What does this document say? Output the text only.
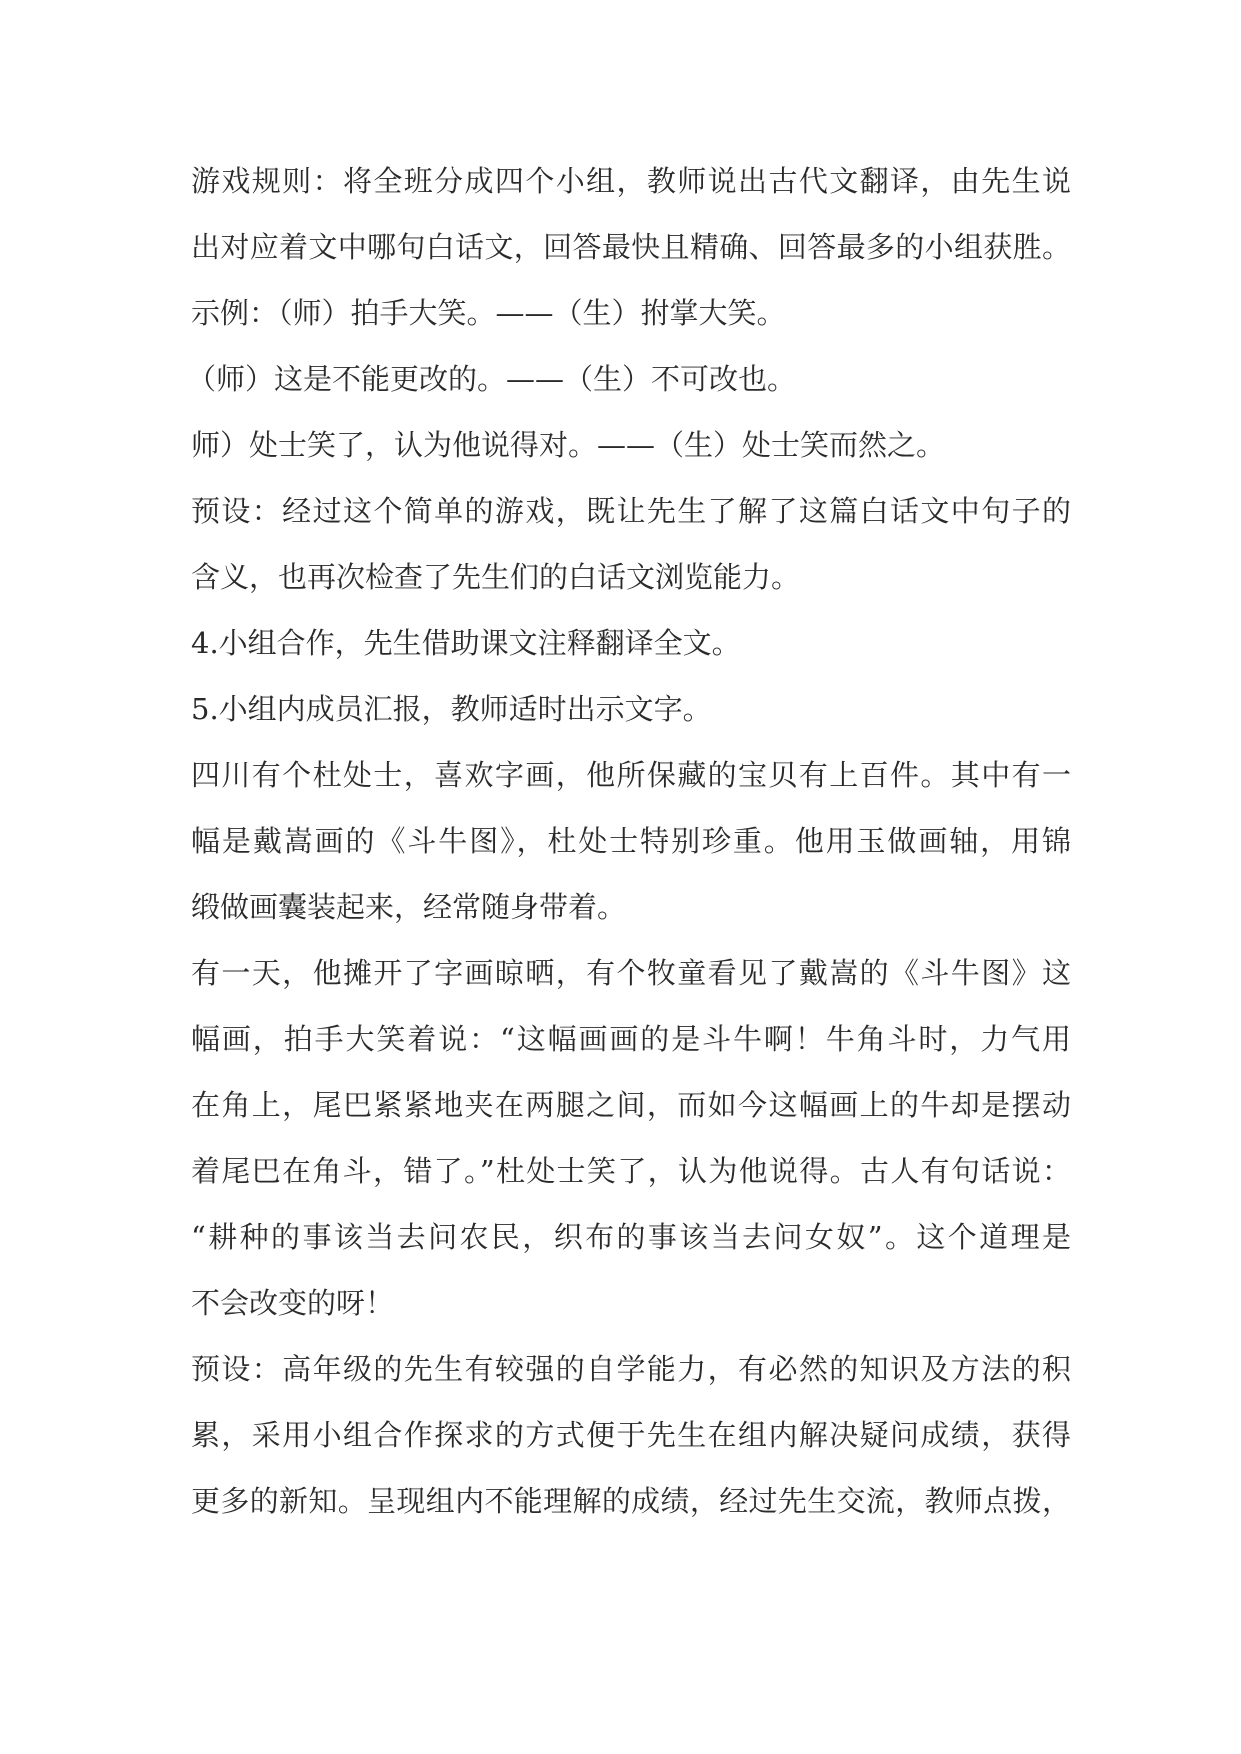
游戏规则：将全班分成四个小组，教师说出古代文翻译，由先生说

出对应着文中哪句白话文，回答最快且精确、回答最多的小组获胜。

示例：（师）拍手大笑。——（生）拊掌大笑。

（师）这是不能更改的。——（生）不可改也。

师）处士笑了，认为他说得对。——（生）处士笑而然之。

预设：经过这个简单的游戏，既让先生了解了这篇白话文中句子的

含义，也再次检查了先生们的白话文浏览能力。

4.小组合作，先生借助课文注释翻译全文。

5.小组内成员汇报，教师适时出示文字。

四川有个杜处士，喜欢字画，他所保藏的宝贝有上百件。其中有一

幅是戴嵩画的《斗牛图》，杜处士特别珍重。他用玉做画轴，用锦

缎做画囊装起来，经常随身带着。

有一天，他摊开了字画晾晒，有个牧童看见了戴嵩的《斗牛图》这

幅画，拍手大笑着说：“这幅画画的是斗牛啊！牛角斗时，力气用

在角上，尾巴紧紧地夹在两腿之间，而如今这幅画上的牛却是摆动

着尾巴在角斗，错了。”杜处士笑了，认为他说得。古人有句话说：

“耕种的事该当去问农民，织布的事该当去问女奴”。这个道理是

不会改变的呀！

预设：高年级的先生有较强的自学能力，有必然的知识及方法的积

累，采用小组合作探求的方式便于先生在组内解决疑问成绩，获得

更多的新知。呈现组内不能理解的成绩，经过先生交流，教师点拨，
